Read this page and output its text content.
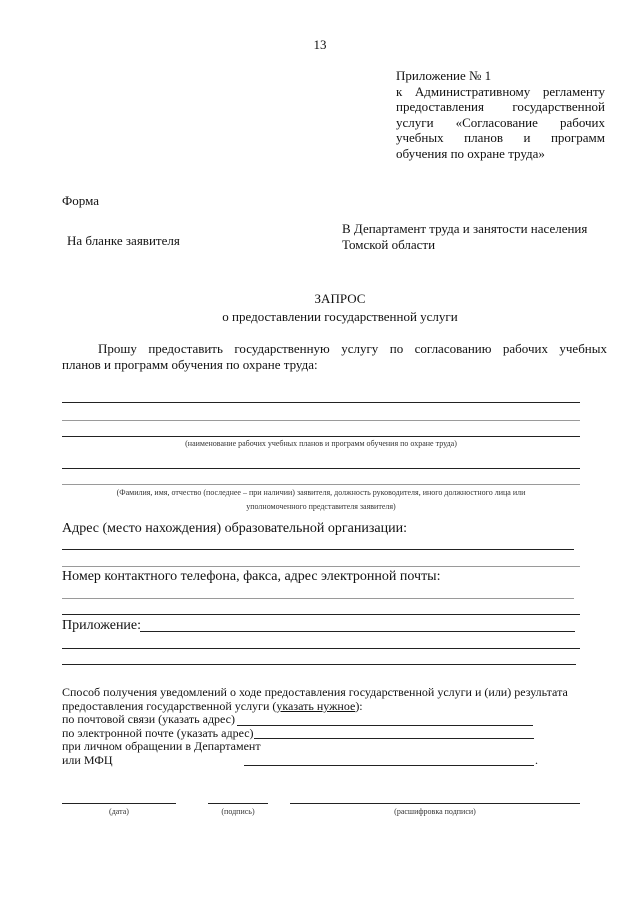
13
Приложение № 1
к Административному регламенту
предоставления государственной
услуги «Согласование рабочих
учебных планов и программ
обучения по охране труда»
Форма
На бланке заявителя
В Департамент труда и занятости населения
Томской области
ЗАПРОС
о предоставлении государственной услуги
Прошу предоставить государственную услугу по согласованию рабочих учебных
планов и программ обучения по охране труда:
(наименование рабочих учебных планов и программ обучения по охране труда)
(Фамилия, имя, отчество (последнее – при наличии) заявителя, должность руководителя, иного должностного лица или
уполномоченного представителя заявителя)
Адрес (место нахождения) образовательной организации:
Номер контактного телефона, факса, адрес электронной почты:
Приложение:
Способ получения уведомлений о ходе предоставления государственной услуги и (или) результата
предоставления государственной услуги (указать нужное):
по почтовой связи (указать адрес)
по электронной почте (указать адрес)
при личном обращении в Департамент
или МФЦ	.
(дата)	(подпись)	(расшифровка подписи)
